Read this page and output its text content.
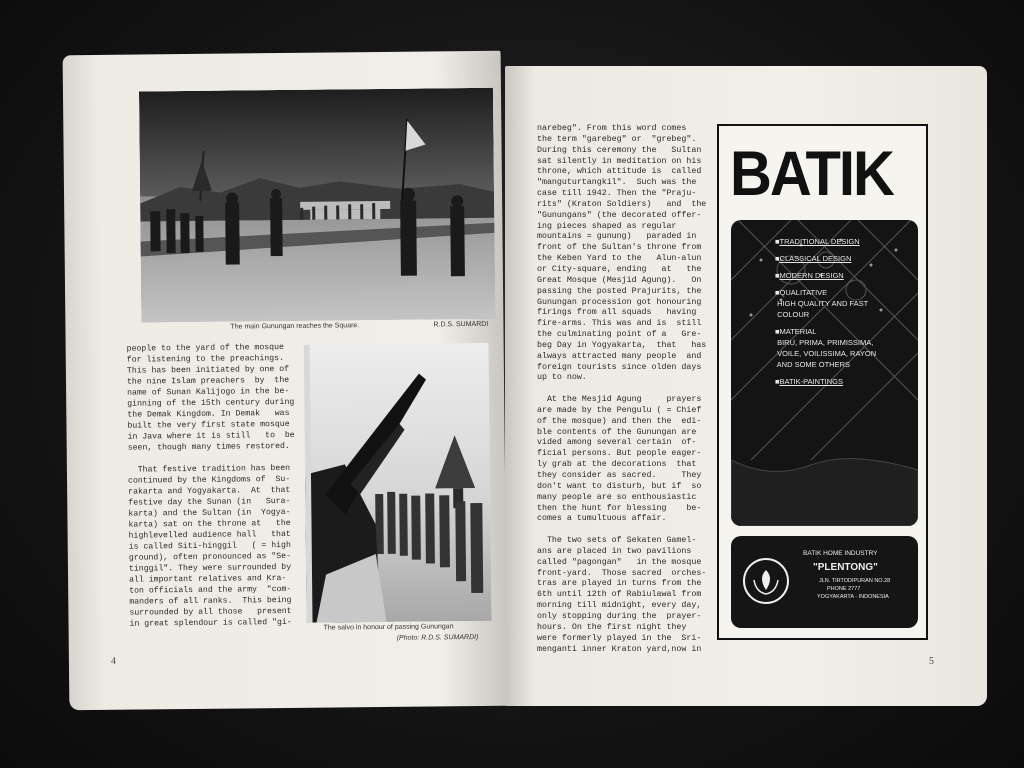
The main Gunungan reaches the Square.	R.D.S. SUMARDI
The salvo in honour of passing Gunungan
(Photo: R.D.S. SUMARDI)
people to the yard of the mosque
for listening to the preachings.
This has been initiated by one of
the nine Islam preachers  by  the
name of Sunan Kalijogo in the be-
ginning of the 15th century during
the Demak Kingdom. In Demak   was
built the very first state mosque
in Java where it is still   to  be
seen, though many times restored.

That festive tradition has been
continued by the Kingdoms of  Su-
rakarta and Yogyakarta.  At  that
festive day the Sunan (in   Sura-
karta) and the Sultan (in  Yogya-
karta) sat on the throne at   the
highlevelled audience hall   that
is called Siti-hinggil   ( = high
ground), often pronounced as "Se-
tinggil". They were surrounded by
all important relatives and Kra-
ton officials and the army  "com-
manders of all ranks.  This being
surrounded by all those   present
in great splendour is called "gi-
4
narebeg". From this word comes
the term "garebeg" or  "grebeg".
During this ceremony the   Sultan
sat silently in meditation on his
throne, which attitude is  called
"manguturtangkil".  Such was the
case till 1942. Then the "Praju-
rits" (Kraton Soldiers)   and  the
"Gunungans" (the decorated offer-
ing pieces shaped as regular
mountains = gunung)   paraded in
front of the Sultan's throne from
the Keben Yard to the   Alun-alun
or City-square, ending   at   the
Great Mosque (Mesjid Agung).   On
passing the posted Prajurits, the
Gunungan procession got honouring
firings from all squads   having
fire-arms. This was and is  still
the culminating point of a   Gre-
beg Day in Yogyakarta,  that   has
always attracted many people  and
foreign tourists since olden days
up to now.

At the Mesjid Agung     prayers
are made by the Pengulu ( = Chief
of the mosque) and then the  edi-
ble contents of the Gunungan are
vided among several certain  of-
ficial persons. But people eager-
ly grab at the decorations  that
they consider as sacred.     They
don't want to disturb, but if  so
many people are so enthousiastic
then the hunt for blessing    be-
comes a tumultuous affair.

The two sets of Sekaten Gamel-
ans are placed in two pavilions
called "pagongan"   in the mosque
front-yard.  Those sacred  orches-
tras are played in turns from the
6th until 12th of Rabiulawal from
morning till midnight, every day,
only stopping during the  prayer-
hours. On the first night they
were formerly played in the  Sri-
menganti inner Kraton yard,now in
BATIK
■TRADITIONAL DESIGN
■CLASSICAL DESIGN
■MODERN DESIGN
■QUALITATIVE
HIGH QUALITY AND FAST
COLOUR
■MATERIAL
BIRU, PRIMA, PRIMISSIMA,
VOILE, VOILISSIMA, RAYON
AND SOME OTHERS
■BATIK-PAINTINGS
BATIK HOME INDUSTRY
"PLENTONG"
JLN. TIRTODIPURAN NO.28
PHONE 2777
YOGYAKARTA - INDONESIA
5
